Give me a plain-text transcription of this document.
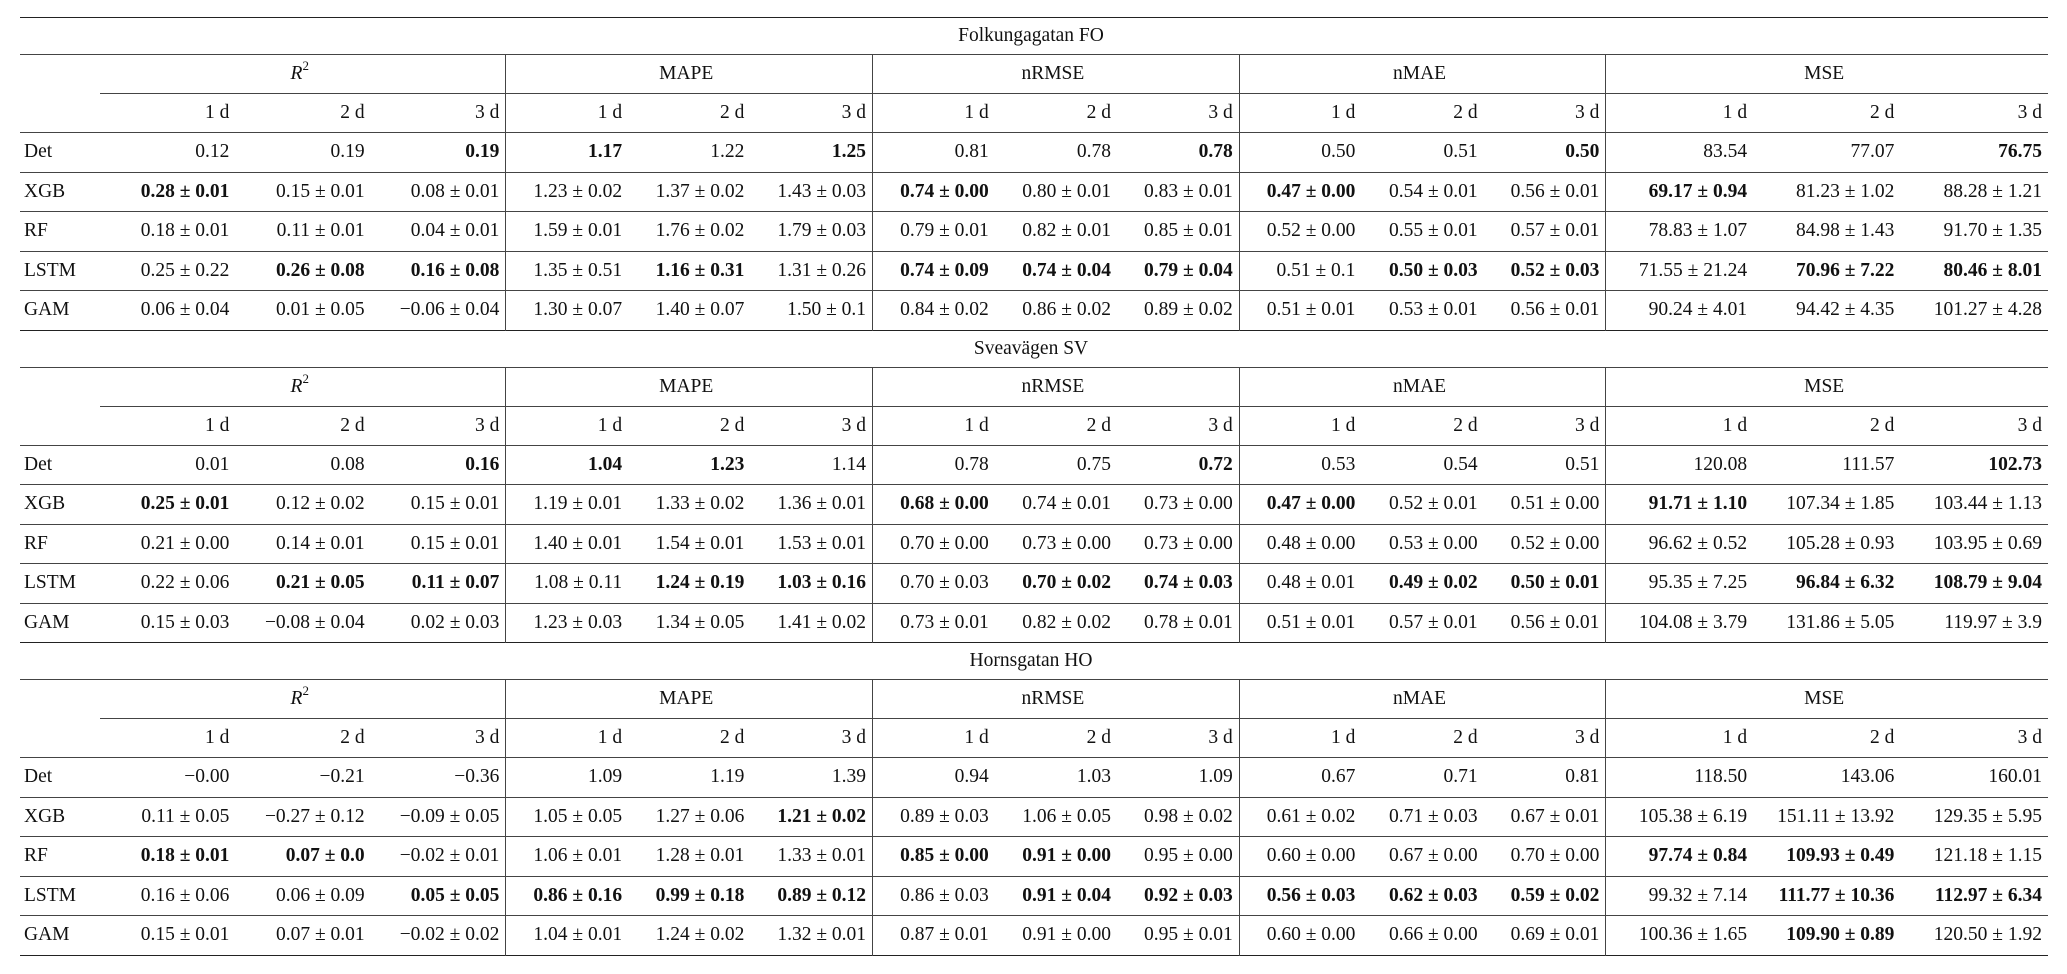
Folkungagatan FO															
	$R^2$			MAPE			nRMSE			nMAE			MSE		
	1 d	2 d	3 d	1 d	2 d	3 d	1 d	2 d	3 d	1 d	2 d	3 d	1 d	2 d	3 d
Det	0.12	0.19	0.19	1.17	1.22	1.25	0.81	0.78	0.78	0.50	0.51	0.50	83.54	77.07	76.75
XGB	0.28 ± 0.01	0.15 ± 0.01	0.08 ± 0.01	1.23 ± 0.02	1.37 ± 0.02	1.43 ± 0.03	0.74 ± 0.00	0.80 ± 0.01	0.83 ± 0.01	0.47 ± 0.00	0.54 ± 0.01	0.56 ± 0.01	69.17 ± 0.94	81.23 ± 1.02	88.28 ± 1.21
RF	0.18 ± 0.01	0.11 ± 0.01	0.04 ± 0.01	1.59 ± 0.01	1.76 ± 0.02	1.79 ± 0.03	0.79 ± 0.01	0.82 ± 0.01	0.85 ± 0.01	0.52 ± 0.00	0.55 ± 0.01	0.57 ± 0.01	78.83 ± 1.07	84.98 ± 1.43	91.70 ± 1.35
LSTM	0.25 ± 0.22	0.26 ± 0.08	0.16 ± 0.08	1.35 ± 0.51	1.16 ± 0.31	1.31 ± 0.26	0.74 ± 0.09	0.74 ± 0.04	0.79 ± 0.04	0.51 ± 0.1	0.50 ± 0.03	0.52 ± 0.03	71.55 ± 21.24	70.96 ± 7.22	80.46 ± 8.01
GAM	0.06 ± 0.04	0.01 ± 0.05	−0.06 ± 0.04	1.30 ± 0.07	1.40 ± 0.07	1.50 ± 0.1	0.84 ± 0.02	0.86 ± 0.02	0.89 ± 0.02	0.51 ± 0.01	0.53 ± 0.01	0.56 ± 0.01	90.24 ± 4.01	94.42 ± 4.35	101.27 ± 4.28
Sveavägen SV															
	$R^2$			MAPE			nRMSE			nMAE			MSE		
	1 d	2 d	3 d	1 d	2 d	3 d	1 d	2 d	3 d	1 d	2 d	3 d	1 d	2 d	3 d
Det	0.01	0.08	0.16	1.04	1.23	1.14	0.78	0.75	0.72	0.53	0.54	0.51	120.08	111.57	102.73
XGB	0.25 ± 0.01	0.12 ± 0.02	0.15 ± 0.01	1.19 ± 0.01	1.33 ± 0.02	1.36 ± 0.01	0.68 ± 0.00	0.74 ± 0.01	0.73 ± 0.00	0.47 ± 0.00	0.52 ± 0.01	0.51 ± 0.00	91.71 ± 1.10	107.34 ± 1.85	103.44 ± 1.13
RF	0.21 ± 0.00	0.14 ± 0.01	0.15 ± 0.01	1.40 ± 0.01	1.54 ± 0.01	1.53 ± 0.01	0.70 ± 0.00	0.73 ± 0.00	0.73 ± 0.00	0.48 ± 0.00	0.53 ± 0.00	0.52 ± 0.00	96.62 ± 0.52	105.28 ± 0.93	103.95 ± 0.69
LSTM	0.22 ± 0.06	0.21 ± 0.05	0.11 ± 0.07	1.08 ± 0.11	1.24 ± 0.19	1.03 ± 0.16	0.70 ± 0.03	0.70 ± 0.02	0.74 ± 0.03	0.48 ± 0.01	0.49 ± 0.02	0.50 ± 0.01	95.35 ± 7.25	96.84 ± 6.32	108.79 ± 9.04
GAM	0.15 ± 0.03	−0.08 ± 0.04	0.02 ± 0.03	1.23 ± 0.03	1.34 ± 0.05	1.41 ± 0.02	0.73 ± 0.01	0.82 ± 0.02	0.78 ± 0.01	0.51 ± 0.01	0.57 ± 0.01	0.56 ± 0.01	104.08 ± 3.79	131.86 ± 5.05	119.97 ± 3.9
Hornsgatan HO															
	$R^2$			MAPE			nRMSE			nMAE			MSE		
	1 d	2 d	3 d	1 d	2 d	3 d	1 d	2 d	3 d	1 d	2 d	3 d	1 d	2 d	3 d
Det	−0.00	−0.21	−0.36	1.09	1.19	1.39	0.94	1.03	1.09	0.67	0.71	0.81	118.50	143.06	160.01
XGB	0.11 ± 0.05	−0.27 ± 0.12	−0.09 ± 0.05	1.05 ± 0.05	1.27 ± 0.06	1.21 ± 0.02	0.89 ± 0.03	1.06 ± 0.05	0.98 ± 0.02	0.61 ± 0.02	0.71 ± 0.03	0.67 ± 0.01	105.38 ± 6.19	151.11 ± 13.92	129.35 ± 5.95
RF	0.18 ± 0.01	0.07 ± 0.0	−0.02 ± 0.01	1.06 ± 0.01	1.28 ± 0.01	1.33 ± 0.01	0.85 ± 0.00	0.91 ± 0.00	0.95 ± 0.00	0.60 ± 0.00	0.67 ± 0.00	0.70 ± 0.00	97.74 ± 0.84	109.93 ± 0.49	121.18 ± 1.15
LSTM	0.16 ± 0.06	0.06 ± 0.09	0.05 ± 0.05	0.86 ± 0.16	0.99 ± 0.18	0.89 ± 0.12	0.86 ± 0.03	0.91 ± 0.04	0.92 ± 0.03	0.56 ± 0.03	0.62 ± 0.03	0.59 ± 0.02	99.32 ± 7.14	111.77 ± 10.36	112.97 ± 6.34
GAM	0.15 ± 0.01	0.07 ± 0.01	−0.02 ± 0.02	1.04 ± 0.01	1.24 ± 0.02	1.32 ± 0.01	0.87 ± 0.01	0.91 ± 0.00	0.95 ± 0.01	0.60 ± 0.00	0.66 ± 0.00	0.69 ± 0.01	100.36 ± 1.65	109.90 ± 0.89	120.50 ± 1.92
